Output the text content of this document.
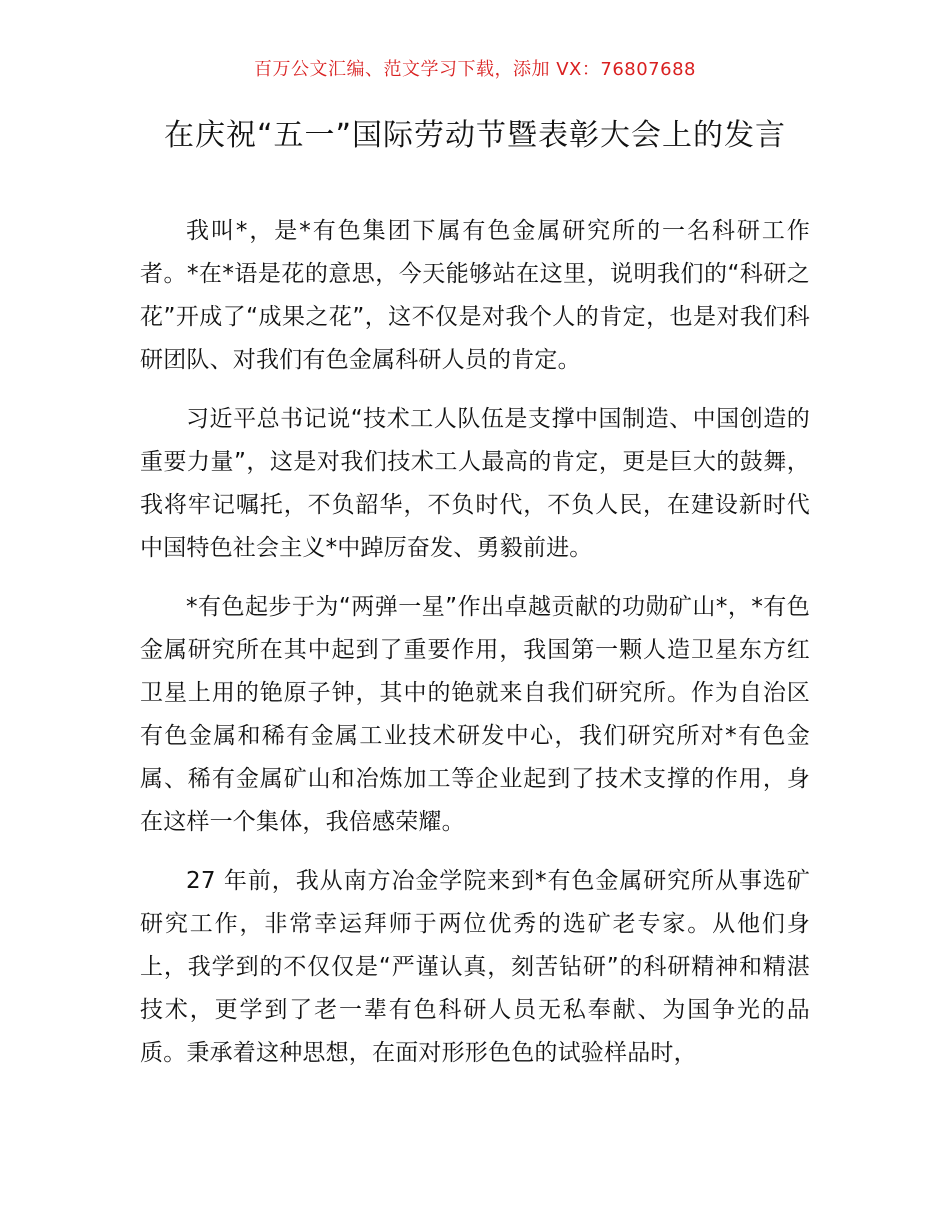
百万公文汇编、范文学习下载，添加 VX：76807688
在庆祝“五一”国际劳动节暨表彰大会上的发言

我叫*，是*有色集团下属有色金属研究所的一名科研工作者。*在*语是花的意思，今天能够站在这里，说明我们的“科研之花”开成了“成果之花”，这不仅是对我个人的肯定，也是对我们科研团队、对我们有色金属科研人员的肯定。

习近平总书记说“技术工人队伍是支撑中国制造、中国创造的重要力量”，这是对我们技术工人最高的肯定，更是巨大的鼓舞，我将牢记嘱托，不负韶华，不负时代，不负人民，在建设新时代中国特色社会主义*中踔厉奋发、勇毅前进。

*有色起步于为“两弹一星”作出卓越贡献的功勋矿山*，*有色金属研究所在其中起到了重要作用，我国第一颗人造卫星东方红卫星上用的铯原子钟，其中的铯就来自我们研究所。作为自治区有色金属和稀有金属工业技术研发中心，我们研究所对*有色金属、稀有金属矿山和冶炼加工等企业起到了技术支撑的作用，身在这样一个集体，我倍感荣耀。

27 年前，我从南方冶金学院来到*有色金属研究所从事选矿研究工作，非常幸运拜师于两位优秀的选矿老专家。从他们身上，我学到的不仅仅是“严谨认真，刻苦钻研”的科研精神和精湛技术，更学到了老一辈有色科研人员无私奉献、为国争光的品质。秉承着这种思想，在面对形形色色的试验样品时，
